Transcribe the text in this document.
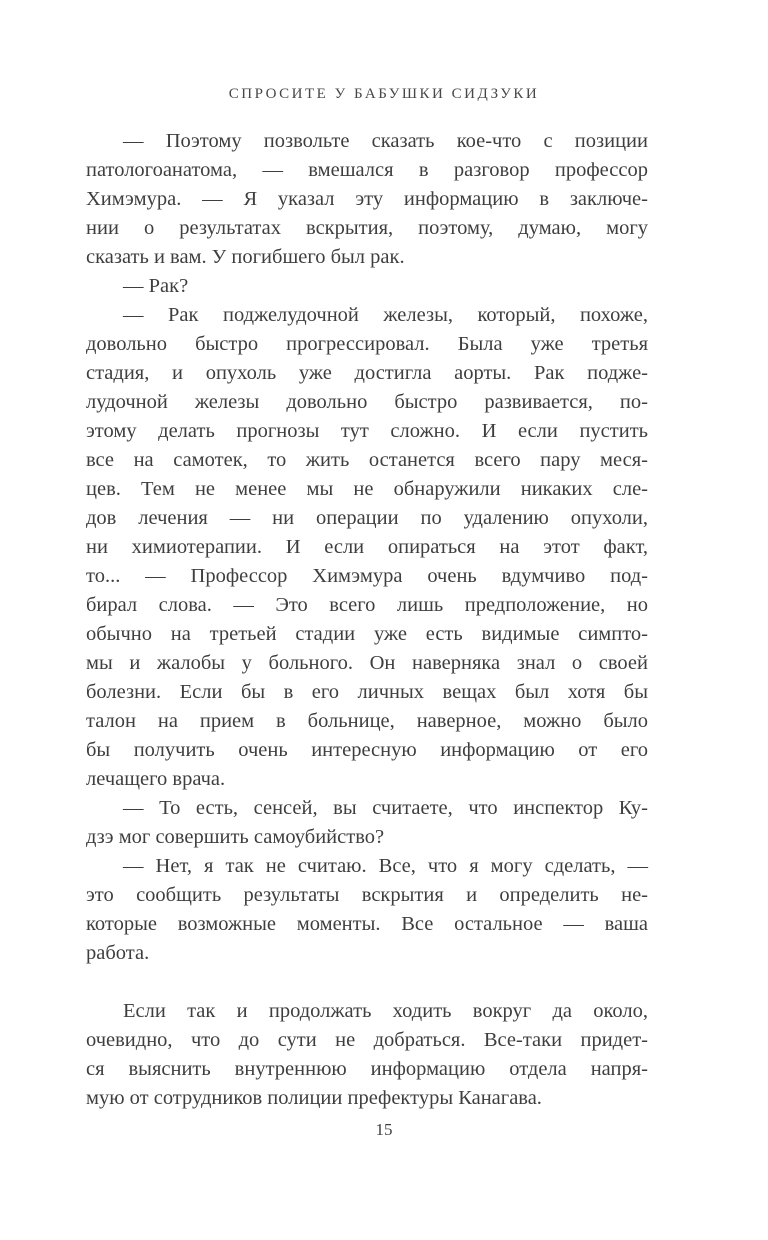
СПРОСИТЕ У БАБУШКИ СИДЗУКИ
— Поэтому позвольте сказать кое-что с позиции
патологоанатома, — вмешался в разговор профессор
Химэмура. — Я указал эту информацию в заключе-
нии о результатах вскрытия, поэтому, думаю, могу
сказать и вам. У погибшего был рак.
— Рак?
— Рак поджелудочной железы, который, похоже,
довольно быстро прогрессировал. Была уже третья
стадия, и опухоль уже достигла аорты. Рак подже-
лудочной железы довольно быстро развивается, по-
этому делать прогнозы тут сложно. И если пустить
все на самотек, то жить останется всего пару меся-
цев. Тем не менее мы не обнаружили никаких сле-
дов лечения — ни операции по удалению опухоли,
ни химиотерапии. И если опираться на этот факт,
то... — Профессор Химэмура очень вдумчиво под-
бирал слова. — Это всего лишь предположение, но
обычно на третьей стадии уже есть видимые симпто-
мы и жалобы у больного. Он наверняка знал о своей
болезни. Если бы в его личных вещах был хотя бы
талон на прием в больнице, наверное, можно было
бы получить очень интересную информацию от его
лечащего врача.
— То есть, сенсей, вы считаете, что инспектор Ку-
дзэ мог совершить самоубийство?
— Нет, я так не считаю. Все, что я могу сделать, —
это сообщить результаты вскрытия и определить не-
которые возможные моменты. Все остальное — ваша
работа.
Если так и продолжать ходить вокруг да около,
очевидно, что до сути не добраться. Все-таки придет-
ся выяснить внутреннюю информацию отдела напря-
мую от сотрудников полиции префектуры Канагава.
15
